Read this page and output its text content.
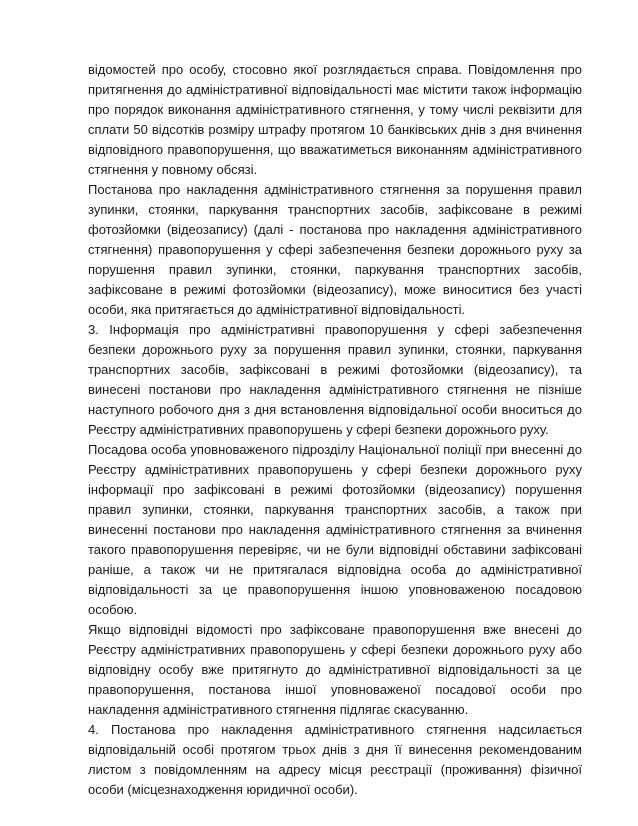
відомостей про особу, стосовно якої розглядається справа. Повідомлення про притягнення до адміністративної відповідальності має містити також інформацію про порядок виконання адміністративного стягнення, у тому числі реквізити для сплати 50 відсотків розміру штрафу протягом 10 банківських днів з дня вчинення відповідного правопорушення, що вважатиметься виконанням адміністративного стягнення у повному обсязі.

Постанова про накладення адміністративного стягнення за порушення правил зупинки, стоянки, паркування транспортних засобів, зафіксоване в режимі фотозйомки (відеозапису) (далі - постанова про накладення адміністративного стягнення) правопорушення у сфері забезпечення безпеки дорожнього руху за порушення правил зупинки, стоянки, паркування транспортних засобів, зафіксоване в режимі фотозйомки (відеозапису), може виноситися без участі особи, яка притягається до адміністративної відповідальності.

3. Інформація про адміністративні правопорушення у сфері забезпечення безпеки дорожнього руху за порушення правил зупинки, стоянки, паркування транспортних засобів, зафіксовані в режимі фотозйомки (відеозапису), та винесені постанови про накладення адміністративного стягнення не пізніше наступного робочого дня з дня встановлення відповідальної особи вноситься до Реєстру адміністративних правопорушень у сфері безпеки дорожнього руху.

Посадова особа уповноваженого підрозділу Національної поліції при внесенні до Реєстру адміністративних правопорушень у сфері безпеки дорожнього руху інформації про зафіксовані в режимі фотозйомки (відеозапису) порушення правил зупинки, стоянки, паркування транспортних засобів, а також при винесенні постанови про накладення адміністративного стягнення за вчинення такого правопорушення перевіряє, чи не були відповідні обставини зафіксовані раніше, а також чи не притягалася відповідна особа до адміністративної відповідальності за це правопорушення іншою уповноваженою посадовою особою.

Якщо відповідні відомості про зафіксоване правопорушення вже внесені до Реєстру адміністративних правопорушень у сфері безпеки дорожнього руху або відповідну особу вже притягнуто до адміністративної відповідальності за це правопорушення, постанова іншої уповноваженої посадової особи про накладення адміністративного стягнення підлягає скасуванню.

4. Постанова про накладення адміністративного стягнення надсилається відповідальній особі протягом трьох днів з дня її винесення рекомендованим листом з повідомленням на адресу місця реєстрації (проживання) фізичної особи (місцезнаходження юридичної особи).
